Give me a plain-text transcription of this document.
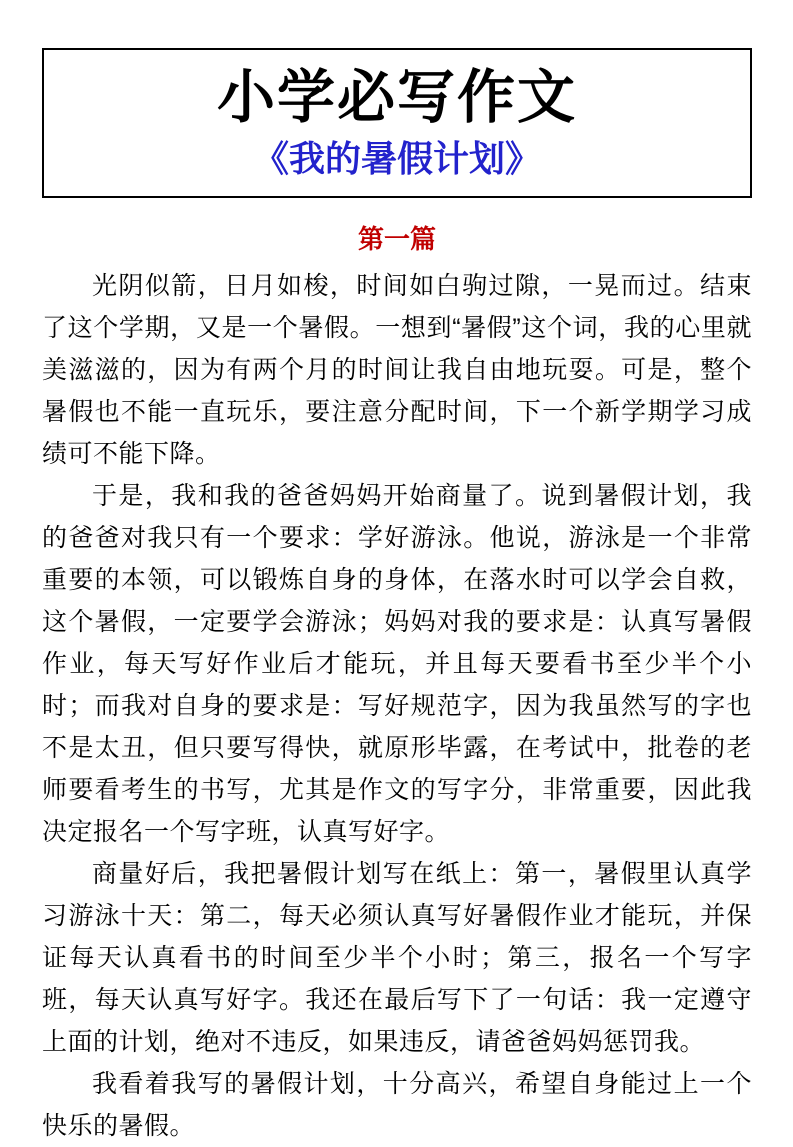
小学必写作文
《我的暑假计划》
第一篇

光阴似箭，日月如梭，时间如白驹过隙，一晃而过。结束了这个学期，又是一个暑假。一想到“暑假”这个词，我的心里就美滋滋的，因为有两个月的时间让我自由地玩耍。可是，整个暑假也不能一直玩乐，要注意分配时间，下一个新学期学习成绩可不能下降。

于是，我和我的爸爸妈妈开始商量了。说到暑假计划，我的爸爸对我只有一个要求：学好游泳。他说，游泳是一个非常重要的本领，可以锻炼自身的身体，在落水时可以学会自救，这个暑假，一定要学会游泳；妈妈对我的要求是：认真写暑假作业，每天写好作业后才能玩，并且每天要看书至少半个小时；而我对自身的要求是：写好规范字，因为我虽然写的字也不是太丑，但只要写得快，就原形毕露，在考试中，批卷的老师要看考生的书写，尤其是作文的写字分，非常重要，因此我决定报名一个写字班，认真写好字。

商量好后，我把暑假计划写在纸上：第一，暑假里认真学习游泳十天：第二，每天必须认真写好暑假作业才能玩，并保证每天认真看书的时间至少半个小时；第三，报名一个写字班，每天认真写好字。我还在最后写下了一句话：我一定遵守上面的计划，绝对不违反，如果违反，请爸爸妈妈惩罚我。

我看着我写的暑假计划，十分高兴，希望自身能过上一个快乐的暑假。
